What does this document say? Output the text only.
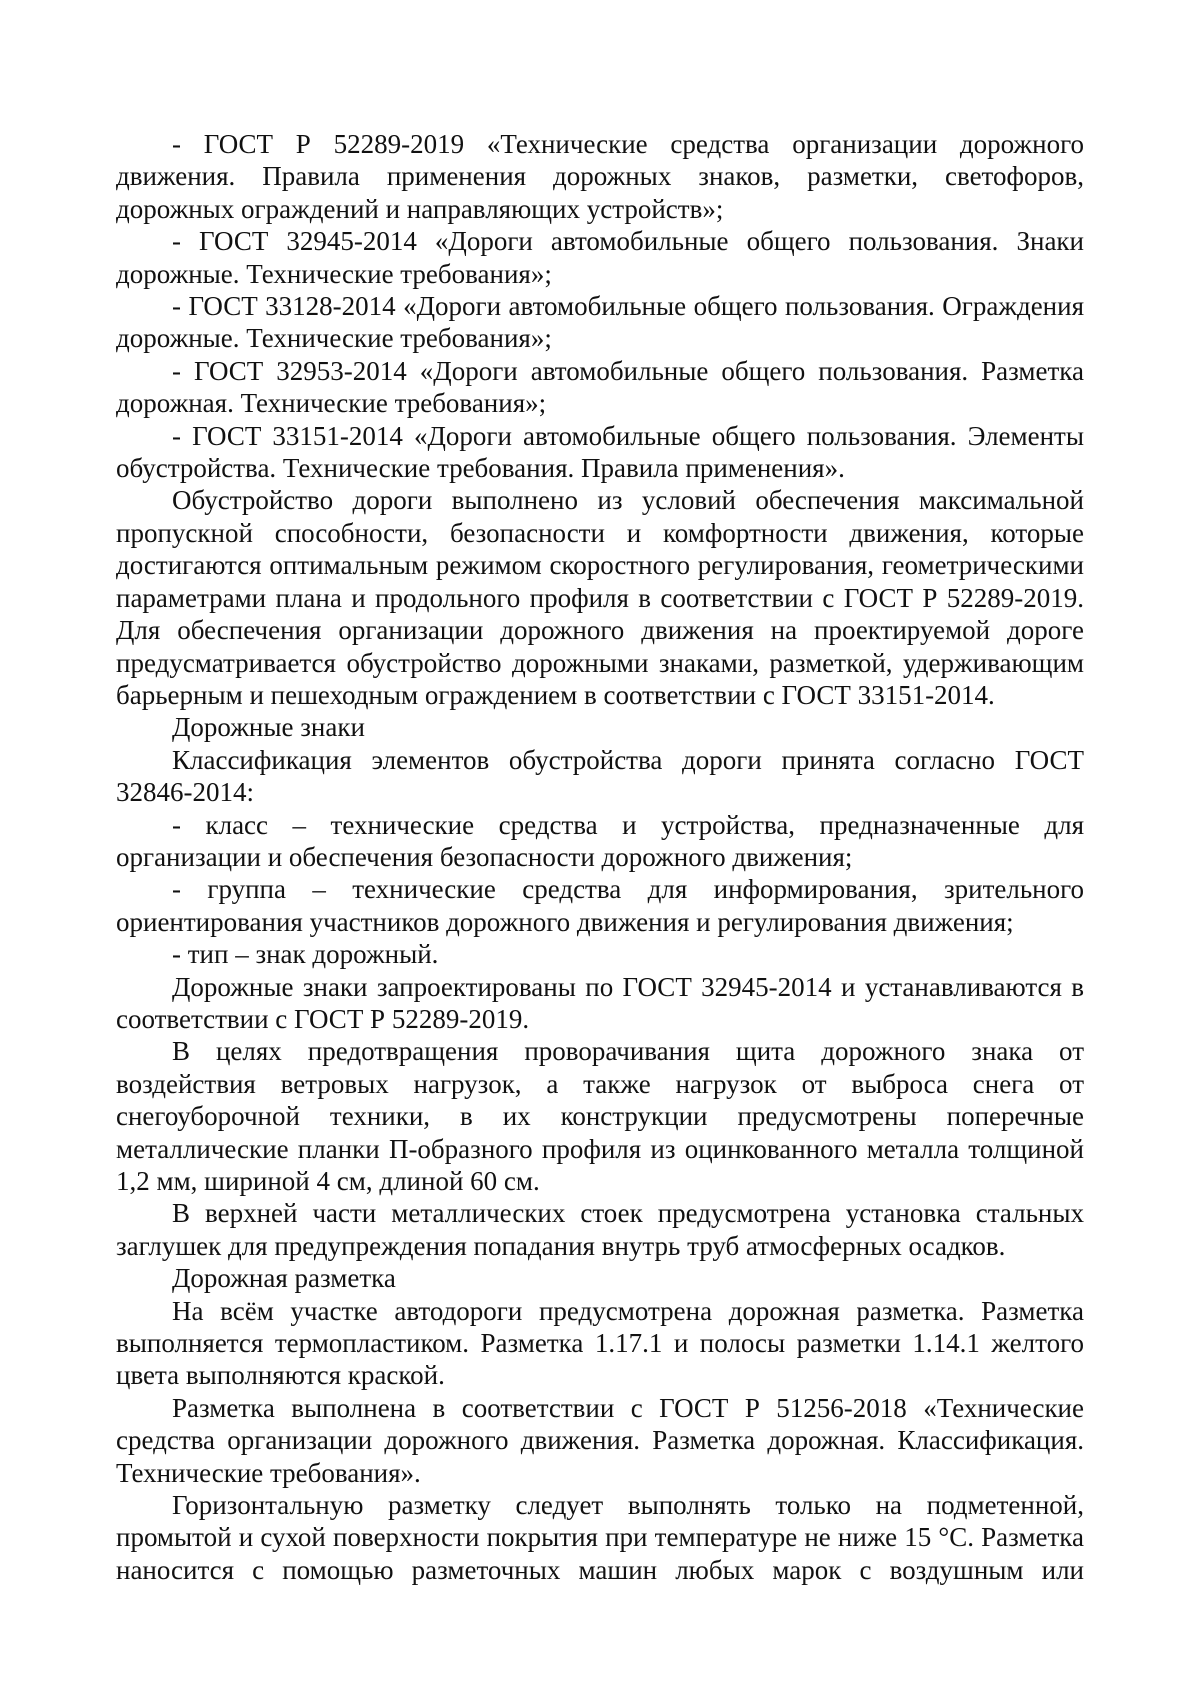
- ГОСТ Р 52289-2019 «Технические средства организации дорожного движения. Правила применения дорожных знаков, разметки, светофоров, дорожных ограждений и направляющих устройств»;

- ГОСТ 32945-2014 «Дороги автомобильные общего пользования. Знаки дорожные. Технические требования»;

- ГОСТ 33128-2014 «Дороги автомобильные общего пользования. Ограждения дорожные. Технические требования»;

- ГОСТ 32953-2014 «Дороги автомобильные общего пользования. Разметка дорожная. Технические требования»;

- ГОСТ 33151-2014 «Дороги автомобильные общего пользования. Элементы обустройства. Технические требования. Правила применения».

Обустройство дороги выполнено из условий обеспечения максимальной пропускной способности, безопасности и комфортности движения, которые достигаются оптимальным режимом скоростного регулирования, геометрическими параметрами плана и продольного профиля в соответствии с ГОСТ Р 52289-2019. Для обеспечения организации дорожного движения на проектируемой дороге предусматривается обустройство дорожными знаками, разметкой, удерживающим барьерным и пешеходным ограждением в соответствии с ГОСТ 33151-2014.

Дорожные знаки

Классификация элементов обустройства дороги принята согласно ГОСТ 32846-2014:

- класс – технические средства и устройства, предназначенные для организации и обеспечения безопасности дорожного движения;

- группа – технические средства для информирования, зрительного ориентирования участников дорожного движения и регулирования движения;

- тип – знак дорожный.

Дорожные знаки запроектированы по ГОСТ 32945-2014 и устанавливаются в соответствии с ГОСТ Р 52289-2019.

В целях предотвращения проворачивания щита дорожного знака от воздействия ветровых нагрузок, а также нагрузок от выброса снега от снегоуборочной техники, в их конструкции предусмотрены поперечные металлические планки П-образного профиля из оцинкованного металла толщиной 1,2 мм, шириной 4 см, длиной 60 см.

В верхней части металлических стоек предусмотрена установка стальных заглушек для предупреждения попадания внутрь труб атмосферных осадков.

Дорожная разметка

На всём участке автодороги предусмотрена дорожная разметка. Разметка выполняется термопластиком. Разметка 1.17.1 и полосы разметки 1.14.1 желтого цвета выполняются краской.

Разметка выполнена в соответствии с ГОСТ Р 51256-2018 «Технические средства организации дорожного движения. Разметка дорожная. Классификация. Технические требования».

Горизонтальную разметку следует выполнять только на подметенной, промытой и сухой поверхности покрытия при температуре не ниже 15 °С. Разметка наносится с помощью разметочных машин любых марок с воздушным или
